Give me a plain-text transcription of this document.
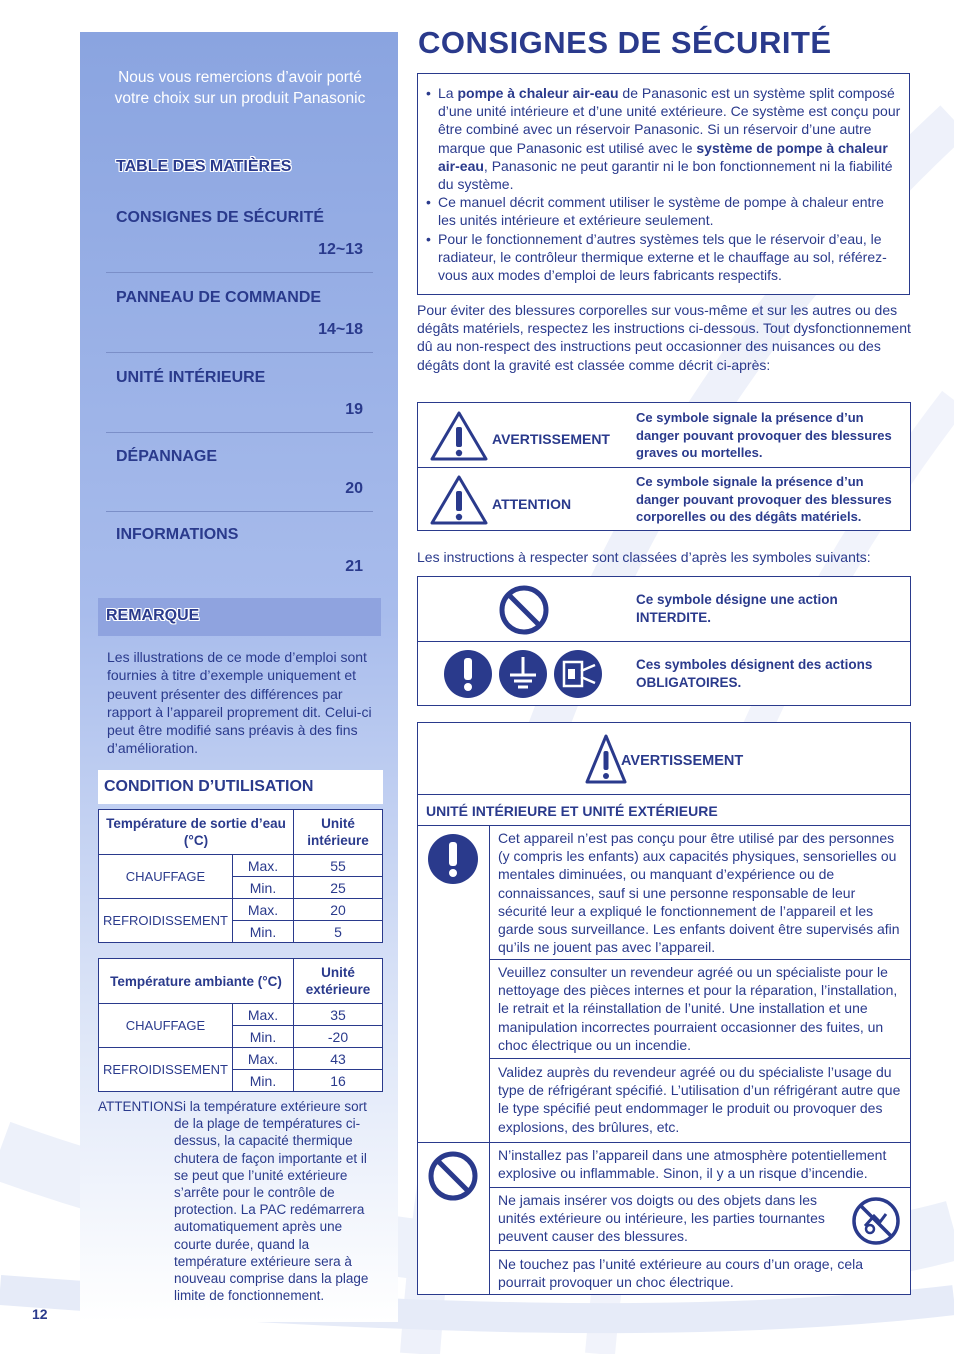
Nous vous remercions d’avoir porté votre choix sur un produit Panasonic
TABLE DES MATIÈRES
CONSIGNES DE SÉCURITÉ
12~13
PANNEAU DE COMMANDE
14~18
UNITÉ INTÉRIEURE
19
DÉPANNAGE
20
INFORMATIONS
21
REMARQUE
Les illustrations de ce mode d’emploi sont fournies à titre d’exemple uniquement et peuvent présenter des différences par rapport à l’appareil proprement dit. Celui-ci peut être modifié sans préavis à des fins d’amélioration.
CONDITION D’UTILISATION
Température de sortie d’eau (°C)		Unité intérieure
CHAUFFAGE	Max.	55
	Min.	25
REFROIDISSEMENT	Max.	20
	Min.	5
Température ambiante (°C)		Unité extérieure
CHAUFFAGE	Max.	35
	Min.	-20
REFROIDISSEMENT	Max.	43
	Min.	16
ATTENTION:
Si la température extérieure sort de la plage de températures ci-dessus, la capacité thermique chutera de façon importante et il se peut que l’unité extérieure s’arrête pour le contrôle de protection. La PAC redémarrera automatiquement après une courte durée, quand la température extérieure sera à nouveau comprise dans la plage limite de fonctionnement.
12
CONSIGNES DE SÉCURITÉ
• La pompe à chaleur air-eau de Panasonic est un système split composé d’une unité intérieure et d’une unité extérieure. Ce système est conçu pour être combiné avec un réservoir Panasonic. Si un réservoir d’une autre marque que Panasonic est utilisé avec le système de pompe à chaleur air-eau, Panasonic ne peut garantir ni le bon fonctionnement ni la fiabilité du système.
• Ce manuel décrit comment utiliser le système de pompe à chaleur entre les unités intérieure et extérieure seulement.
• Pour le fonctionnement d’autres systèmes tels que le réservoir d’eau, le radiateur, le contrôleur thermique externe et le chauffage au sol, référez-vous aux modes d’emploi de leurs fabricants respectifs.
Pour éviter des blessures corporelles sur vous-même et sur les autres ou des dégâts matériels, respectez les instructions ci-dessous. Tout dysfonctionnement dû au non-respect des instructions peut occasionner des nuisances ou des dégâts dont la gravité est classée comme décrit ci-après:
AVERTISSEMENT
Ce symbole signale la présence d’un danger pouvant provoquer des blessures graves ou mortelles.
ATTENTION
Ce symbole signale la présence d’un danger pouvant provoquer des blessures corporelles ou des dégâts matériels.
Les instructions à respecter sont classées d’après les symboles suivants:
Ce symbole désigne une action INTERDITE.
Ces symboles désignent des actions OBLIGATOIRES.
AVERTISSEMENT
UNITÉ INTÉRIEURE ET UNITÉ EXTÉRIEURE
Cet appareil n’est pas conçu pour être utilisé par des personnes (y compris les enfants) aux capacités physiques, sensorielles ou mentales diminuées, ou manquant d’expérience ou de connaissances, sauf si une personne responsable de leur sécurité leur a expliqué le fonctionnement de l’appareil et les garde sous surveillance. Les enfants doivent être supervisés afin qu’ils ne jouent pas avec l’appareil.
Veuillez consulter un revendeur agréé ou un spécialiste pour le nettoyage des pièces internes et pour la réparation, l’installation, le retrait et la réinstallation de l’unité. Une installation et une manipulation incorrectes pourraient occasionner des fuites, un choc électrique ou un incendie.
Validez auprès du revendeur agréé ou du spécialiste l’usage du type de réfrigérant spécifié. L’utilisation d’un réfrigérant autre que le type spécifié peut endommager le produit ou provoquer des explosions, des brûlures, etc.
N’installez pas l’appareil dans une atmosphère potentiellement explosive ou inflammable. Sinon, il y a un risque d’incendie.
Ne jamais insérer vos doigts ou des objets dans les unités extérieure ou intérieure, les parties tournantes peuvent causer des blessures.
Ne touchez pas l’unité extérieure au cours d’un orage, cela pourrait provoquer un choc électrique.
